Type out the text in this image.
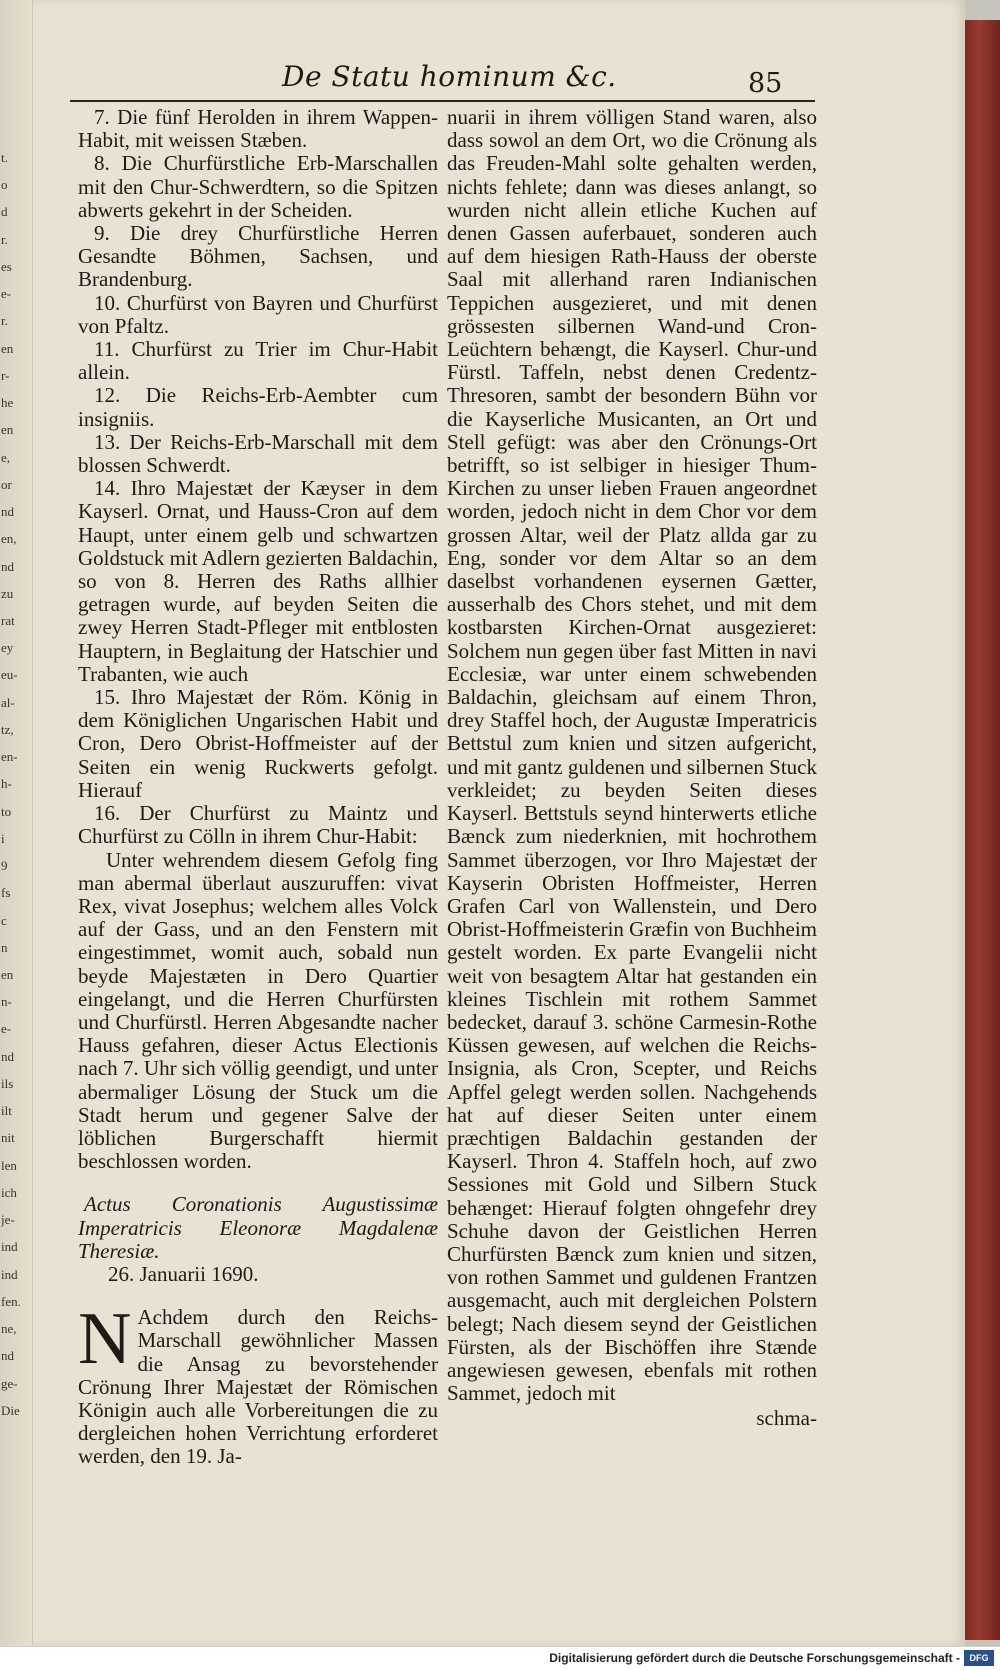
t.
o
d
r.
es
e-
r.
en
r-
he
en
e,
or
nd
en,
nd
zu
rat
ey
eu-
al-
tz,
en-
h-
to
i
9
fs
c
n
en
n-
e-
nd
ils
ilt
nit
len
ich
je-
ind
ind
fen.
ne,
nd
ge-
Die
De Statu hominum &c.	85

7. Die fünf Herolden in ihrem Wappen-Habit, mit weissen Stæben.

8. Die Churfürstliche Erb-Marschallen mit den Chur-Schwerdtern, so die Spitzen abwerts gekehrt in der Scheiden.

9. Die drey Churfürstliche Herren Gesandte Böhmen, Sachsen, und Brandenburg.

10. Churfürst von Bayren und Churfürst von Pfaltz.

11. Churfürst zu Trier im Chur-Habit allein.

12. Die Reichs-Erb-Aembter cum insigniis.

13. Der Reichs-Erb-Marschall mit dem blossen Schwerdt.

14. Ihro Majestæt der Kæyser in dem Kayserl. Ornat, und Hauss-Cron auf dem Haupt, unter einem gelb und schwartzen Goldstuck mit Adlern gezierten Baldachin, so von 8. Herren des Raths allhier getragen wurde, auf beyden Seiten die zwey Herren Stadt-Pfleger mit entblosten Hauptern, in Beglaitung der Hatschier und Trabanten, wie auch

15. Ihro Majestæt der Röm. König in dem Königlichen Ungarischen Habit und Cron, Dero Obrist-Hoffmeister auf der Seiten ein wenig Ruckwerts gefolgt. Hierauf

16. Der Churfürst zu Maintz und Churfürst zu Cölln in ihrem Chur-Habit:

Unter wehrendem diesem Gefolg fing man abermal überlaut auszuruffen: vivat Rex, vivat Josephus; welchem alles Volck auf der Gass, und an den Fenstern mit eingestimmet, womit auch, sobald nun beyde Majestæten in Dero Quartier eingelangt, und die Herren Churfürsten und Churfürstl. Herren Abgesandte nacher Hauss gefahren, dieser Actus Electionis nach 7. Uhr sich völlig geendigt, und unter abermaliger Lösung der Stuck um die Stadt herum und gegener Salve der löblichen Burgerschafft hiermit beschlossen worden.

Actus Coronationis Augustissimæ Imperatricis Eleonoræ Magdalenæ Theresiæ.

26. Januarii 1690.

N Achdem durch den Reichs-Marschall gewöhnlicher Massen die Ansag zu bevorstehender Crönung Ihrer Majestæt der Römischen Königin auch alle Vorbereitungen die zu dergleichen hohen Verrichtung erforderet werden, den 19. Ja-

nuarii in ihrem völligen Stand waren, also dass sowol an dem Ort, wo die Crönung als das Freuden-Mahl solte gehalten werden, nichts fehlete; dann was dieses anlangt, so wurden nicht allein etliche Kuchen auf denen Gassen auferbauet, sonderen auch auf dem hiesigen Rath-Hauss der oberste Saal mit allerhand raren Indianischen Teppichen ausgezieret, und mit denen grössesten silbernen Wand-und Cron-Leüchtern behængt, die Kayserl. Chur-und Fürstl. Taffeln, nebst denen Credentz-Thresoren, sambt der besondern Bühn vor die Kayserliche Musicanten, an Ort und Stell gefügt: was aber den Crönungs-Ort betrifft, so ist selbiger in hiesiger Thum-Kirchen zu unser lieben Frauen angeordnet worden, jedoch nicht in dem Chor vor dem grossen Altar, weil der Platz allda gar zu Eng, sonder vor dem Altar so an dem daselbst vorhandenen eysernen Gætter, ausserhalb des Chors stehet, und mit dem kostbarsten Kirchen-Ornat ausgezieret: Solchem nun gegen über fast Mitten in navi Ecclesiæ, war unter einem schwebenden Baldachin, gleichsam auf einem Thron, drey Staffel hoch, der Augustæ Imperatricis Bettstul zum knien und sitzen aufgericht, und mit gantz guldenen und silbernen Stuck verkleidet; zu beyden Seiten dieses Kayserl. Bettstuls seynd hinterwerts etliche Bænck zum niederknien, mit hochrothem Sammet überzogen, vor Ihro Majestæt der Kayserin Obristen Hoffmeister, Herren Grafen Carl von Wallenstein, und Dero Obrist-Hoffmeisterin Græfin von Buchheim gestelt worden. Ex parte Evangelii nicht weit von besagtem Altar hat gestanden ein kleines Tischlein mit rothem Sammet bedecket, darauf 3. schöne Carmesin-Rothe Küssen gewesen, auf welchen die Reichs-Insignia, als Cron, Scepter, und Reichs Apffel gelegt werden sollen. Nachgehends hat auf dieser Seiten unter einem præchtigen Baldachin gestanden der Kayserl. Thron 4. Staffeln hoch, auf zwo Sessiones mit Gold und Silbern Stuck behænget: Hierauf folgten ohngefehr drey Schuhe davon der Geistlichen Herren Churfürsten Bænck zum knien und sitzen, von rothen Sammet und guldenen Frantzen ausgemacht, auch mit dergleichen Polstern belegt; Nach diesem seynd der Geistlichen Fürsten, als der Bischöffen ihre Stænde angewiesen gewesen, ebenfals mit rothen Sammet, jedoch mit

schma-

Digitalisierung gefördert durch die Deutsche Forschungsgemeinschaft -	DFG
